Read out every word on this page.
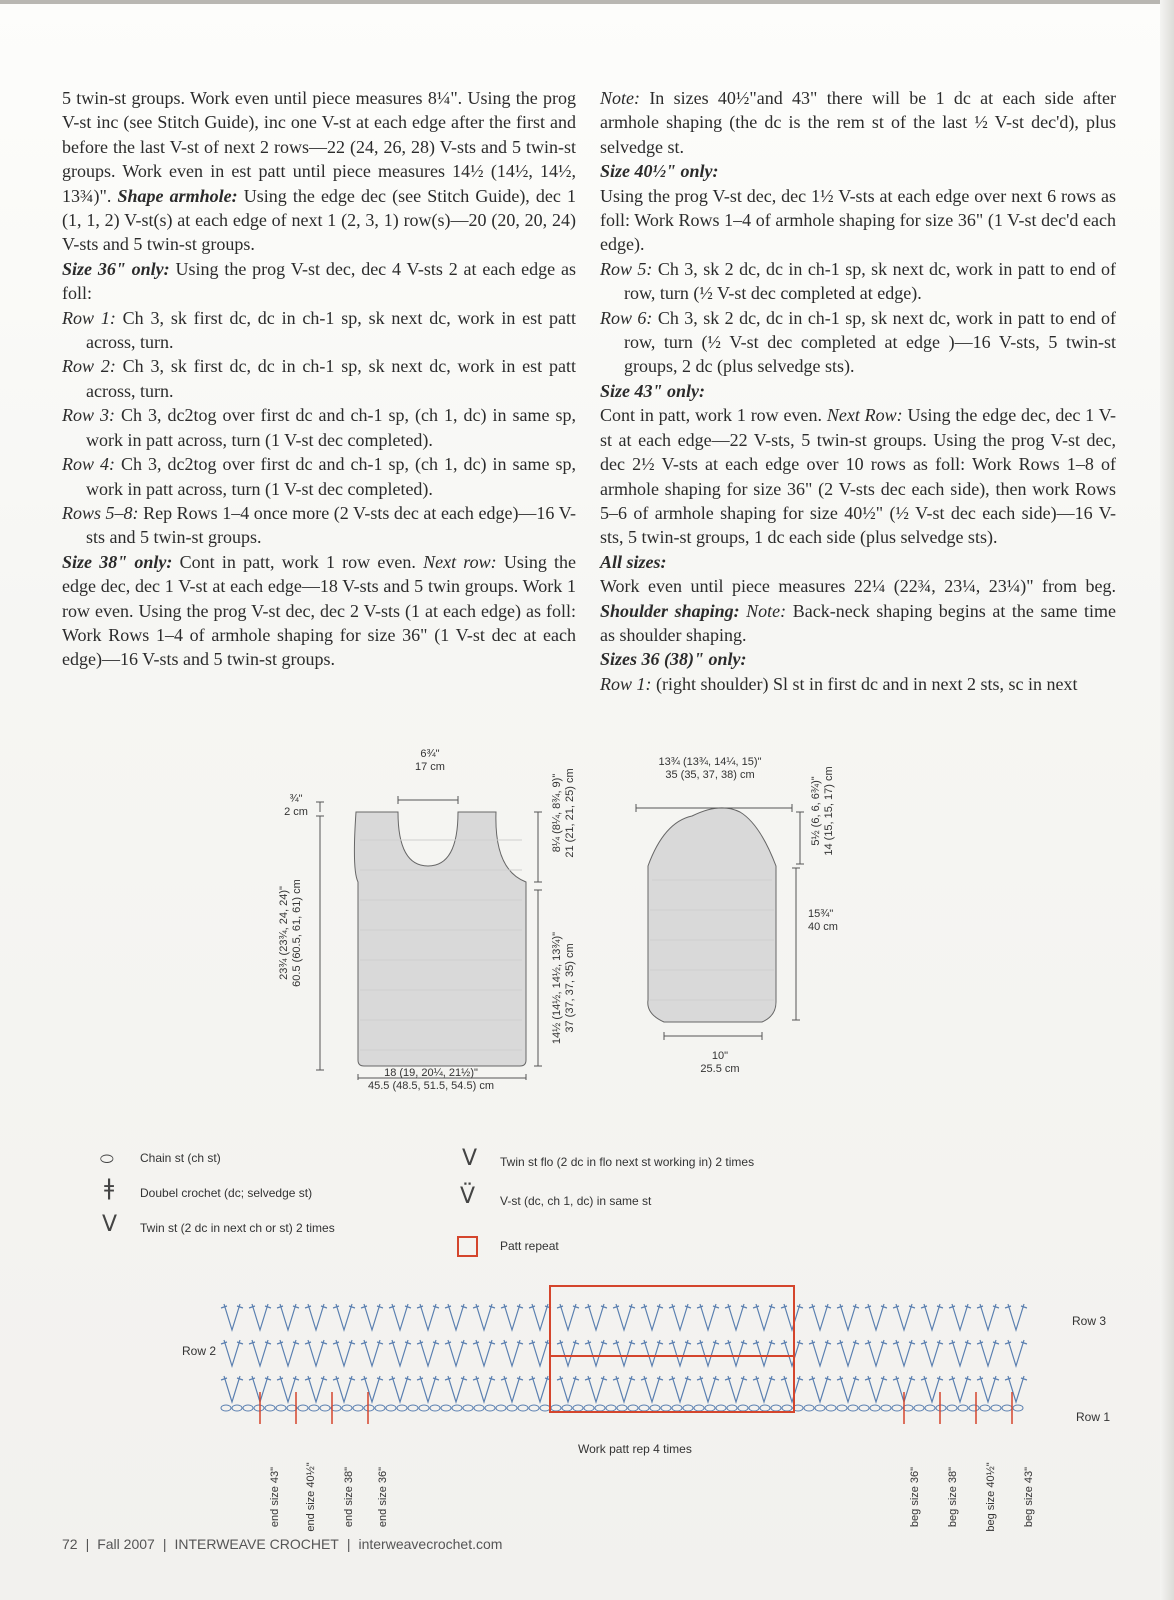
5 twin-st groups. Work even until piece measures 8¼". Using the prog V-st inc (see Stitch Guide), inc one V-st at each edge after the first and before the last V-st of next 2 rows—22 (24, 26, 28) V-sts and 5 twin-st groups. Work even in est patt until piece measures 14½ (14½, 14½, 13¾)". Shape armhole: Using the edge dec (see Stitch Guide), dec 1 (1, 1, 2) V-st(s) at each edge of next 1 (2, 3, 1) row(s)—20 (20, 20, 24) V-sts and 5 twin-st groups.

Size 36" only: Using the prog V-st dec, dec 4 V-sts 2 at each edge as foll:

Row 1: Ch 3, sk first dc, dc in ch-1 sp, sk next dc, work in est patt across, turn.

Row 2: Ch 3, sk first dc, dc in ch-1 sp, sk next dc, work in est patt across, turn.

Row 3: Ch 3, dc2tog over first dc and ch-1 sp, (ch 1, dc) in same sp, work in patt across, turn (1 V-st dec completed).

Row 4: Ch 3, dc2tog over first dc and ch-1 sp, (ch 1, dc) in same sp, work in patt across, turn (1 V-st dec completed).

Rows 5–8: Rep Rows 1–4 once more (2 V-sts dec at each edge)—16 V-sts and 5 twin-st groups.

Size 38" only: Cont in patt, work 1 row even. Next row: Using the edge dec, dec 1 V-st at each edge—18 V-sts and 5 twin groups. Work 1 row even. Using the prog V-st dec, dec 2 V-sts (1 at each edge) as foll: Work Rows 1–4 of armhole shaping for size 36" (1 V-st dec at each edge)—16 V-sts and 5 twin-st groups.

Note: In sizes 40½"and 43" there will be 1 dc at each side after armhole shaping (the dc is the rem st of the last ½ V-st dec'd), plus selvedge st.

Size 40½" only:

Using the prog V-st dec, dec 1½ V-sts at each edge over next 6 rows as foll: Work Rows 1–4 of armhole shaping for size 36" (1 V-st dec'd each edge).

Row 5: Ch 3, sk 2 dc, dc in ch-1 sp, sk next dc, work in patt to end of row, turn (½ V-st dec completed at edge).

Row 6: Ch 3, sk 2 dc, dc in ch-1 sp, sk next dc, work in patt to end of row, turn (½ V-st dec completed at edge )—16 V-sts, 5 twin-st groups, 2 dc (plus selvedge sts).

Size 43" only:

Cont in patt, work 1 row even. Next Row: Using the edge dec, dec 1 V-st at each edge—22 V-sts, 5 twin-st groups. Using the prog V-st dec, dec 2½ V-sts at each edge over 10 rows as foll: Work Rows 1–8 of armhole shaping for size 36" (2 V-sts dec each side), then work Rows 5–6 of armhole shaping for size 40½" (½ V-st dec each side)—16 V-sts, 5 twin-st groups, 1 dc each side (plus selvedge sts).

All sizes:

Work even until piece measures 22¼ (22¾, 23¼, 23¼)" from beg. Shoulder shaping: Note: Back-neck shaping begins at the same time as shoulder shaping.

Sizes 36 (38)" only:

Row 1: (right shoulder) Sl st in first dc and in next 2 sts, sc in next

6¾"
17 cm
¾"
2 cm
23¾ (23¾, 24, 24)"
60.5 (60.5, 61, 61) cm
8¼ (8¼, 8¾, 9)"
21 (21, 21, 25) cm
14½ (14½, 14½, 13¾)"
37 (37, 37, 35) cm
18 (19, 20¼, 21½)"
45.5 (48.5, 51.5, 54.5) cm
13¾ (13¾, 14¼, 15)"
35 (35, 37, 38) cm
5½ (6, 6, 6¾)"
14 (15, 15, 17) cm
15¾"
40 cm
10"
25.5 cm
⬭ Chain st (ch st)
ǂ Doubel crochet (dc; selvedge st)
V Twin st (2 dc in next ch or st) 2 times
V Twin st flo (2 dc in flo next st working in) 2 times
V̈ V-st (dc, ch 1, dc) in same st
Patt repeat
Row 2
Row 3
Row 1
Work patt rep 4 times
end size 43" end size 40½" end size 38" end size 36"	beg size 36" beg size 38" beg size 40½" beg size 43"
72 | Fall 2007 | INTERWEAVE CROCHET | interweavecrochet.com
